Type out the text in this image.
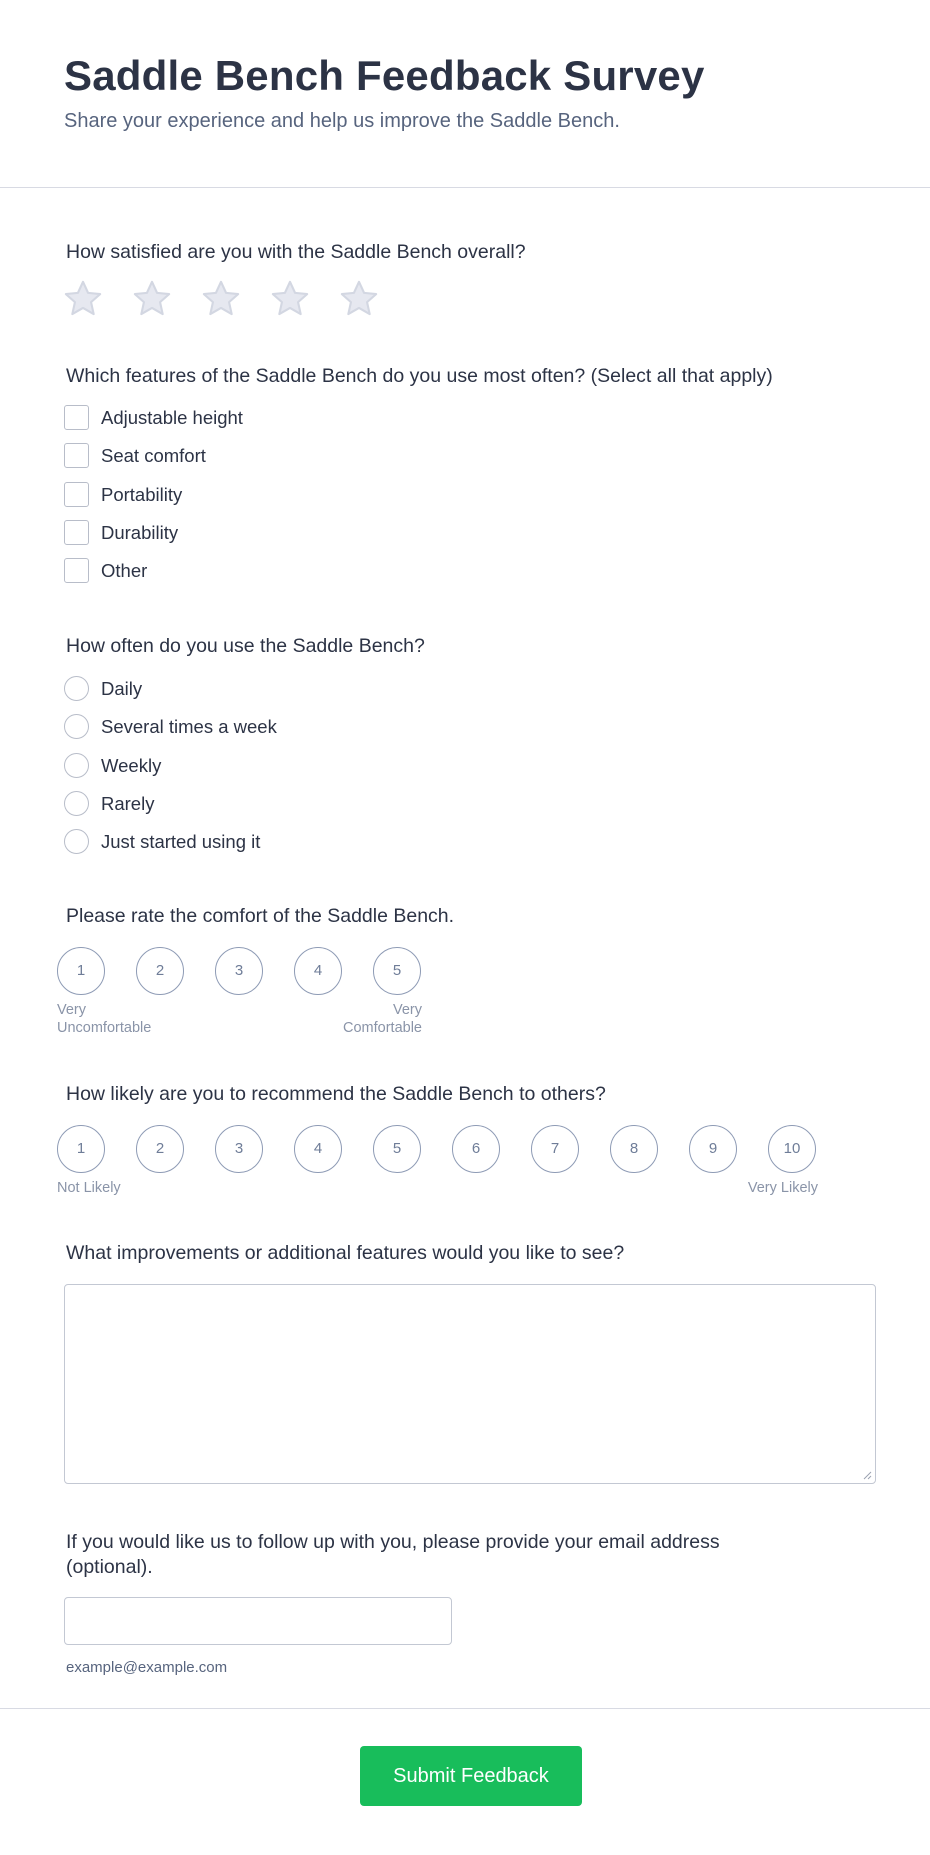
Saddle Bench Feedback Survey

Share your experience and help us improve the Saddle Bench.

How satisfied are you with the Saddle Bench overall?
Which features of the Saddle Bench do you use most often? (Select all that apply)
Adjustable height
Seat comfort
Portability
Durability
Other
How often do you use the Saddle Bench?
Daily
Several times a week
Weekly
Rarely
Just started using it
Please rate the comfort of the Saddle Bench.
1	2	3	4	5
Very
Uncomfortable
Very
Comfortable
How likely are you to recommend the Saddle Bench to others?
1	2	3	4	5	6	7	8	9	10
Not Likely	Very Likely
What improvements or additional features would you like to see?
If you would like us to follow up with you, please provide your email address
(optional).
example@example.com
Submit Feedback
